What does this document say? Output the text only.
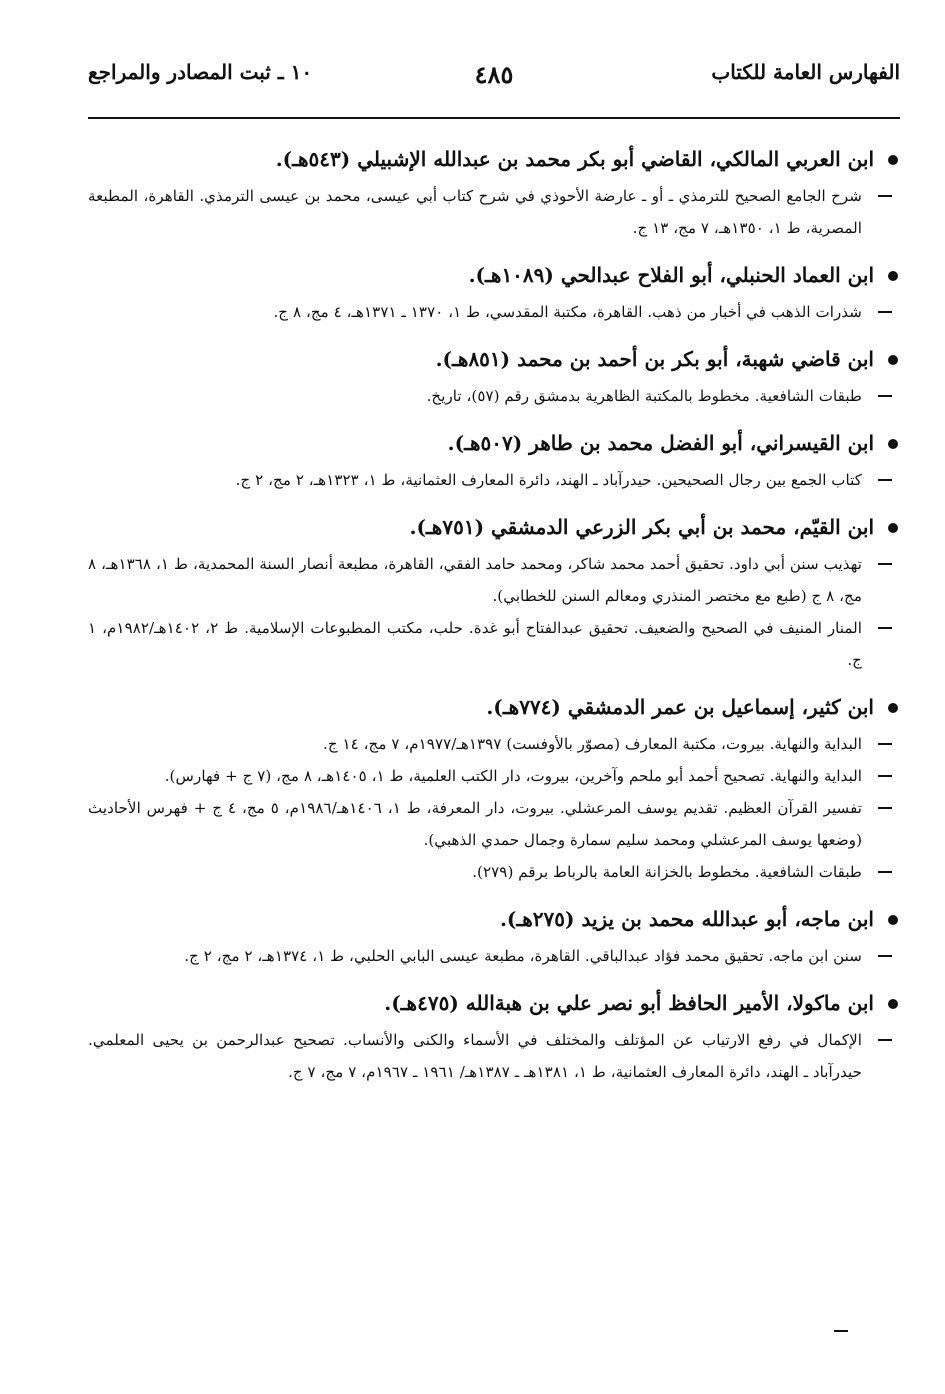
الفهارس العامة للكتاب
٤٨٥
١٠ ـ ثبت المصادر والمراجع
ابن العربي المالكي، القاضي أبو بكر محمد بن عبدالله الإشبيلي (٥٤٣هـ).
شرح الجامع الصحيح للترمذي ـ أو ـ عارضة الأحوذي في شرح كتاب أبي عيسى، محمد بن عيسى الترمذي. القاهرة، المطبعة المصرية، ط ١، ١٣٥٠هـ، ٧ مج، ١٣ ج.
ابن العماد الحنبلي، أبو الفلاح عبدالحي (١٠٨٩هـ).
شذرات الذهب في أخبار من ذهب. القاهرة، مكتبة المقدسي، ط ١، ١٣٧٠ ـ ١٣٧١هـ، ٤ مج، ٨ ج.
ابن قاضي شهبة، أبو بكر بن أحمد بن محمد (٨٥١هـ).
طبقات الشافعية. مخطوط بالمكتبة الظاهرية بدمشق رقم (٥٧)، تاريخ.
ابن القيسراني، أبو الفضل محمد بن طاهر (٥٠٧هـ).
كتاب الجمع بين رجال الصحيحين. حيدرآباد ـ الهند، دائرة المعارف العثمانية، ط ١، ١٣٢٣هـ، ٢ مج، ٢ ج.
ابن القيّم، محمد بن أبي بكر الزرعي الدمشقي (٧٥١هـ).
تهذيب سنن أبي داود. تحقيق أحمد محمد شاكر، ومحمد حامد الفقي، القاهرة، مطبعة أنصار السنة المحمدية، ط ١، ١٣٦٨هـ، ٨ مج، ٨ ج (طبع مع مختصر المنذري ومعالم السنن للخطابي).
المنار المنيف في الصحيح والضعيف. تحقيق عبدالفتاح أبو غدة. حلب، مكتب المطبوعات الإسلامية. ط ٢، ١٤٠٢هـ/١٩٨٢م، ١ ج.
ابن كثير، إسماعيل بن عمر الدمشقي (٧٧٤هـ).
البداية والنهاية. بيروت، مكتبة المعارف (مصوّر بالأوفست) ١٣٩٧هـ/١٩٧٧م، ٧ مج، ١٤ ج.
البداية والنهاية. تصحيح أحمد أبو ملحم وآخرين، بيروت، دار الكتب العلمية، ط ١، ١٤٠٥هـ، ٨ مج، (٧ ج + فهارس).
تفسير القرآن العظيم. تقديم يوسف المرعشلي. بيروت، دار المعرفة، ط ١، ١٤٠٦هـ/١٩٨٦م، ٥ مج، ٤ ج + فهرس الأحاديث (وضعها يوسف المرعشلي ومحمد سليم سمارة وجمال حمدي الذهبي).
طبقات الشافعية. مخطوط بالخزانة العامة بالرباط برقم (٢٧٩).
ابن ماجه، أبو عبدالله محمد بن يزيد (٢٧٥هـ).
سنن ابن ماجه. تحقيق محمد فؤاد عبدالباقي. القاهرة، مطبعة عيسى البابي الحلبي، ط ١، ١٣٧٤هـ، ٢ مج، ٢ ج.
ابن ماكولا، الأمير الحافظ أبو نصر علي بن هبة‌الله (٤٧٥هـ).
الإكمال في رفع الارتياب عن المؤتلف والمختلف في الأسماء والكنى والأنساب. تصحيح عبدالرحمن بن يحيى المعلمي. حيدرآباد ـ الهند، دائرة المعارف العثمانية، ط ١، ١٣٨١هـ ـ ١٣٨٧هـ/ ١٩٦١ ـ ١٩٦٧م، ٧ مج، ٧ ج.
